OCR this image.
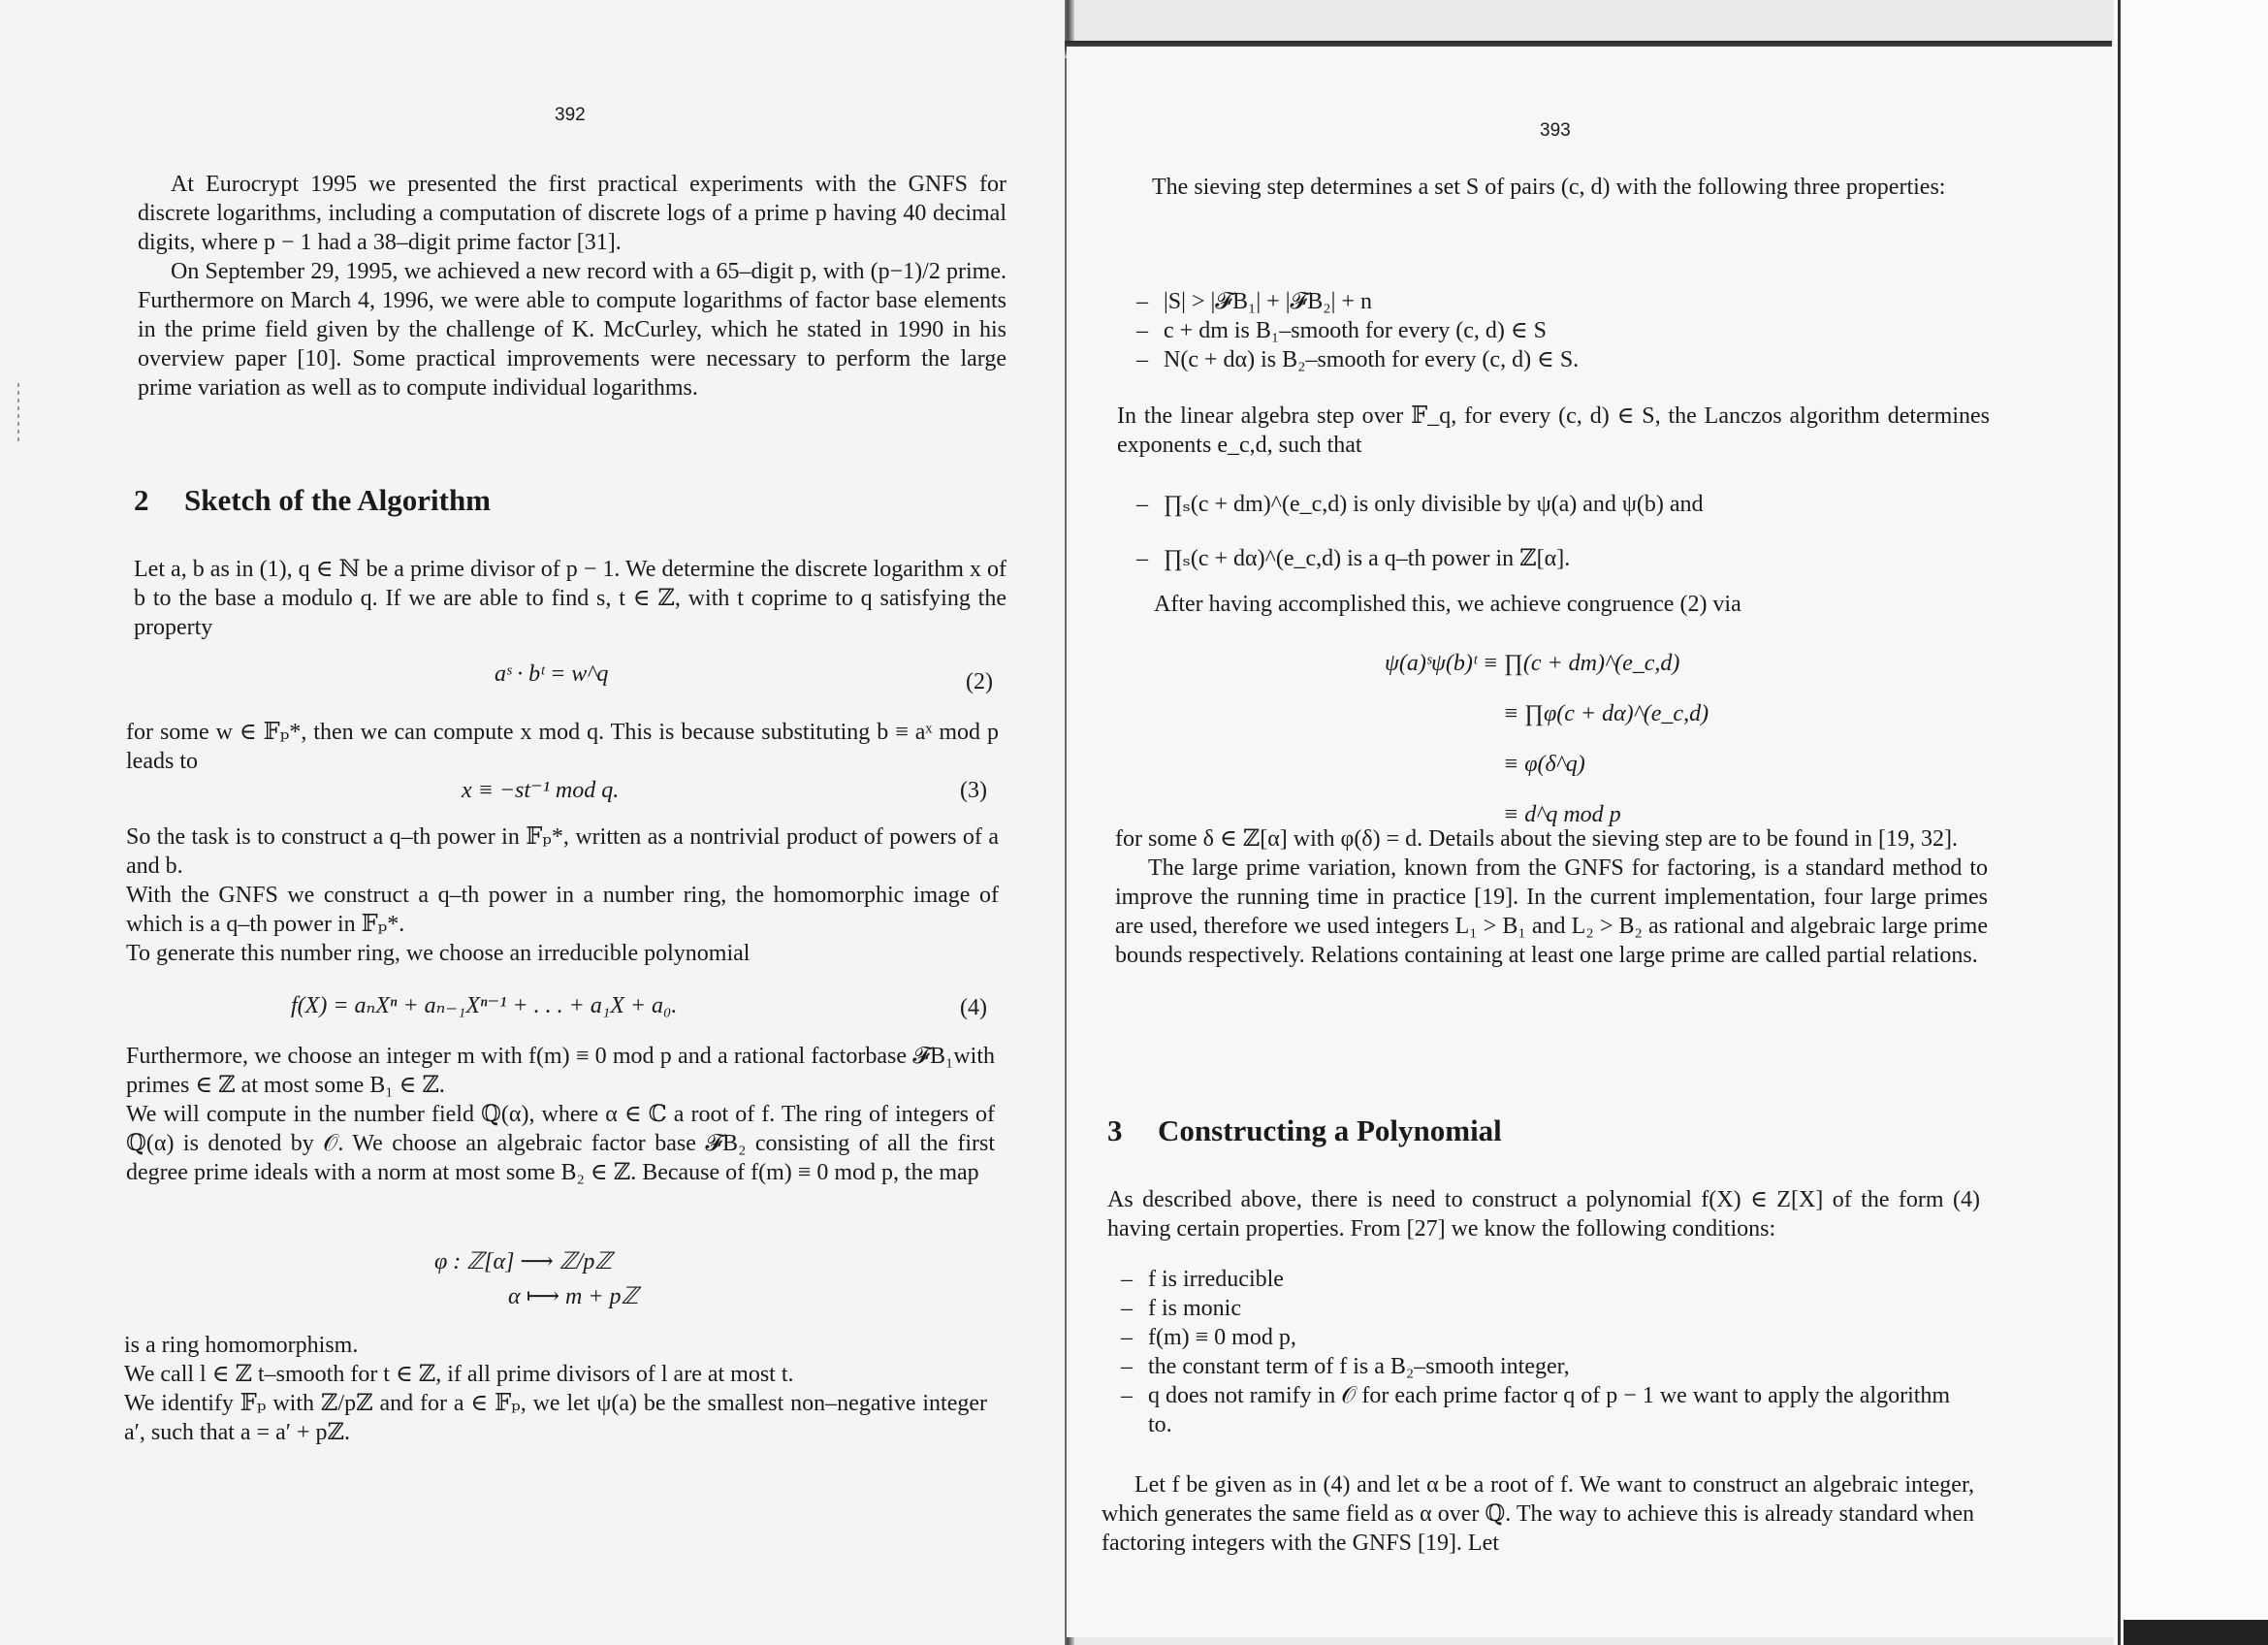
392

At Eurocrypt 1995 we presented the first practical experiments with the GNFS for discrete logarithms, including a computation of discrete logs of a prime p having 40 decimal digits, where p − 1 had a 38–digit prime factor [31].

On September 29, 1995, we achieved a new record with a 65–digit p, with (p−1)/2 prime. Furthermore on March 4, 1996, we were able to compute logarithms of factor base elements in the prime field given by the challenge of K. McCurley, which he stated in 1990 in his overview paper [10]. Some practical improvements were necessary to perform the large prime variation as well as to compute individual logarithms.

2 Sketch of the Algorithm
Let a, b as in (1), q ∈ ℕ be a prime divisor of p − 1. We determine the discrete logarithm x of b to the base a modulo q. If we are able to find s, t ∈ ℤ, with t coprime to q satisfying the property
aˢ · bᵗ = w^q	(2)
for some w ∈ 𝔽ₚ*, then we can compute x mod q. This is because substituting b ≡ aˣ mod p leads to
x ≡ −st⁻¹ mod q.	(3)

So the task is to construct a q–th power in 𝔽ₚ*, written as a nontrivial product of powers of a and b.

With the GNFS we construct a q–th power in a number ring, the homomorphic image of which is a q–th power in 𝔽ₚ*.

To generate this number ring, we choose an irreducible polynomial

f(X) = aₙXⁿ + aₙ₋₁Xⁿ⁻¹ + . . . + a₁X + a₀.	(4)

Furthermore, we choose an integer m with f(m) ≡ 0 mod p and a rational factorbase 𝓕B₁with primes ∈ ℤ at most some B₁ ∈ ℤ.

We will compute in the number field ℚ(α), where α ∈ ℂ a root of f. The ring of integers of ℚ(α) is denoted by 𝒪. We choose an algebraic factor base 𝓕B₂ consisting of all the first degree prime ideals with a norm at most some B₂ ∈ ℤ. Because of f(m) ≡ 0 mod p, the map

φ : ℤ[α] ⟶ ℤ/pℤ
α ⟼ m + pℤ

is a ring homomorphism.

We call l ∈ ℤ t–smooth for t ∈ ℤ, if all prime divisors of l are at most t.

We identify 𝔽ₚ with ℤ/pℤ and for a ∈ 𝔽ₚ, we let ψ(a) be the smallest non–negative integer a′, such that a = a′ + pℤ.

393
The sieving step determines a set S of pairs (c, d) with the following three properties:
– |S| > |𝓕B₁| + |𝓕B₂| + n
– c + dm is B₁–smooth for every (c, d) ∈ S
– N(c + dα) is B₂–smooth for every (c, d) ∈ S.
In the linear algebra step over 𝔽_q, for every (c, d) ∈ S, the Lanczos algorithm determines exponents e_c,d, such that
– ∏ₛ(c + dm)^(e_c,d) is only divisible by ψ(a) and ψ(b) and
– ∏ₛ(c + dα)^(e_c,d) is a q–th power in ℤ[α].
After having accomplished this, we achieve congruence (2) via
ψ(a)ˢψ(b)ᵗ ≡ ∏(c + dm)^(e_c,d)
≡ ∏φ(c + dα)^(e_c,d)
≡ φ(δ^q)
≡ d^q mod p

for some δ ∈ ℤ[α] with φ(δ) = d. Details about the sieving step are to be found in [19, 32].

The large prime variation, known from the GNFS for factoring, is a standard method to improve the running time in practice [19]. In the current implementation, four large primes are used, therefore we used integers L₁ > B₁ and L₂ > B₂ as rational and algebraic large prime bounds respectively. Relations containing at least one large prime are called partial relations.

3 Constructing a Polynomial
As described above, there is need to construct a polynomial f(X) ∈ Z[X] of the form (4) having certain properties. From [27] we know the following conditions:
– f is irreducible
– f is monic
– f(m) ≡ 0 mod p,
– the constant term of f is a B₂–smooth integer,
– q does not ramify in 𝒪 for each prime factor q of p − 1 we want to apply the algorithm to.
Let f be given as in (4) and let α be a root of f. We want to construct an algebraic integer, which generates the same field as α over ℚ. The way to achieve this is already standard when factoring integers with the GNFS [19]. Let
